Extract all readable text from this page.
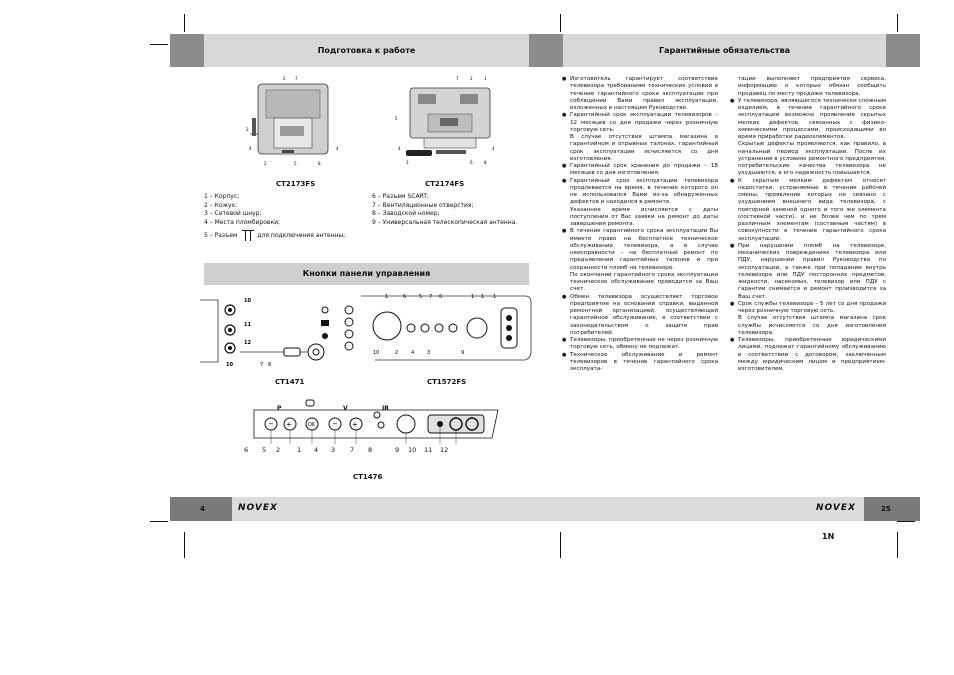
Подготовка к работе	Гарантийные обязательства
2 7
3
4
2	5	8
4
CT2173FS
7	2	1
5
4
3	6	8
4
CT2174FS
1 – Корпус;
2 – Кожух;
3 – Сетевой шнур;
4 – Места пломбировки;
5 – Разъем	для подключения антенны;
6 – Разъем SCART;
7 – Вентиляционные отверстия;
8 – Заводской номер;
9 – Универсальная телескопическая антенна.
Кнопки панели управления
10
11
12
10	7 8
CT1471
1	6	5 7 6	1 1 1
10	2	4	3	9
CT1572FS
P	V	IR
− +	OK − +
6 5 2	1 4 3 7 8	9 10 11 12
CT1476
● Изготовитель гарантирует соответствие телевизора требованиям технических условий в течение гарантийного срока эксплуатации при соблюдении Вами правил эксплуатации, изложенных в настоящем Руководстве.
● Гарантийный срок эксплуатации телевизоров – 12 месяцев со дня продажи через розничную торговую сеть.

В случае отсутствия штампа магазина в гарантийном и отрывных талонах, гарантийный срок эксплуатации исчисляется со дня изготовления.

● Гарантийный срок хранения до продажи – 18 месяцев со дня изготовления.
● Гарантийный срок эксплуатации телевизора продлевается на время, в течение которого он не использовался Вами из-за обнаруженных дефектов и находился в ремонте.

Указанное время исчисляется с даты поступления от Вас заявки на ремонт до даты завершения ремонта.

● В течение гарантийного срока эксплуатации Вы имеете право на бесплатное техническое обслуживание телевизора, а в случае неисправности – на бесплатный ремонт по предъявлении гарантийных талонов и при сохранности пломб на телевизоре.

По окончании гарантийного срока эксплуатации техническое обслуживание проводится за Ваш счет.

● Обмен телевизора осуществляет торговое предприятие на основании справки, выданной ремонтной организацией, осуществляющей гарантийное обслуживание, в соответствии с законодательством о защите прав потребителей.
● Телевизоры, приобретенные не через розничную торговую сеть, обмену не подлежат.
● Техническое обслуживание и ремонт телевизоров в течение гарантийного срока эксплуата-

тации выполняют предприятия сервиса, информацию о которых обязан сообщить продавец по месту продажи телевизора.

● У телевизора, являющегося технически сложным изделием, в течение гарантийного срока эксплуатации возможно проявление скрытых мелких дефектов, связанных с физико-химическими процессами, происходящими во время приработки радиоэлементов.

Скрытые дефекты проявляются, как правило, в начальный период эксплуатации. После их устранения в условиях ремонтного предприятия, потребительские качества телевизора не ухудшаются, а его надежность повышается.

● К скрытым мелким дефектам относят недостатки, устраняемые в течение рабочей смены, проявление которых не связано с ухудшением внешнего вида телевизора, с повторной заменой одного и того же элемента (составной части), и не более чем по трем различным элементам (составным частям) в совокупности в течение гарантийного срока эксплуатации.
● При нарушении пломб на телевизоре, механических повреждениях телевизора или ПДУ, нарушении правил Руководства по эксплуатации, а также при попадании внутрь телевизора или ПДУ посторонних предметов, жидкости, насекомых, телевизор или ПДУ с гарантии снимается и ремонт производится за Ваш счет.
● Срок службы телевизора – 5 лет со дня продажи через розничную торговую сеть.

В случае отсутствия штампа магазина срок службы исчисляется со дня изготовления телевизора.

● Телевизоры, приобретенные юридическими лицами, подлежат гарантийному обслуживанию в соответствии с договором, заключенным между юридическим лицом и предприятием-изготовителем.
4	NOVEX	NOVEX	25
1N
